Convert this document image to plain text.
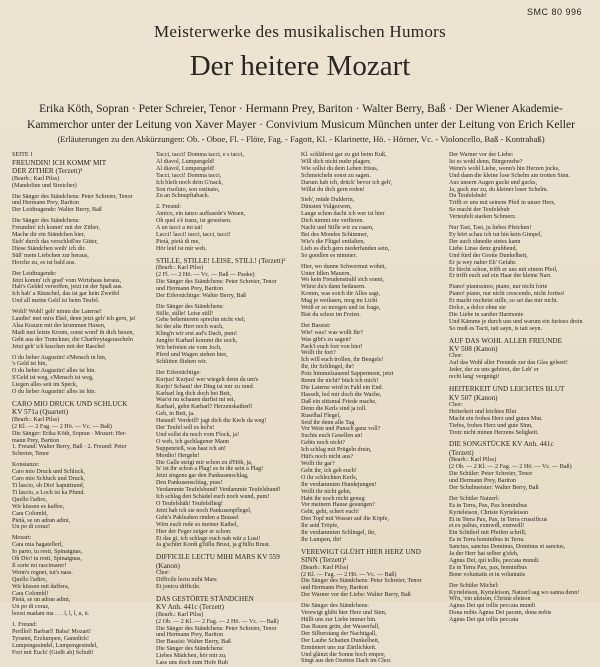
SMC 80 996
Meisterwerke des musikalischen Humors
Der heitere Mozart
Erika Köth, Sopran · Peter Schreier, Tenor · Hermann Prey, Bariton · Walter Berry, Baß · Der Wiener Akademie-
Kammerchor unter der Leitung von Xaver Mayer · Convivium Musicum München unter der Leitung von Erich Keller
(Erläuterungen zu den Abkürzungen: Ob. - Oboe, Fl. - Flöte, Fag. - Fagott, Kl. - Klarinette, Hö. - Hörner, Vc. - Violoncello, Baß - Kontrabaß)

SEITE 1

FREUNDIN! ICH KOMM' MIT

DER ZITHER (Terzett)²

(Bearb.: Karl Pilss)

(Mandoline und Streicher)

Die Sänger des Ständchens: Peter Schreier, Tenor

und Hermann Prey, Bariton

Der Leidtragende: Walter Berry, Baß

Die Sänger des Ständchens:

Freundin! ich komm' mit der Zither,

Mache dir ein Ständchen hier,

Sieh' durch das verschloß'ne Gitter,

Diese Ständchen weih' ich dir.

Süß' mein Liebchen zur heraus,

Horche zu, es ist bald aus.

Der Leidtragende:

Jetzt komm' ich grad' vom Wirtshaus heraus,

Hab's Geldel versoffen, jetzt ist der Spaß aus.

Ich hab' a Räuschel, das ist gar kein Zweifel

Und all meine Geld ist beim Teufel.

Wohl! Wohl! geh' nimm die Laterne!

Laudie! mei mirs Ekel, denn jetzt geh' ich gern, ja!

Alsa Krauzn mit der krummen Haxen,

Madi mei letzte Kronn, sonst word' ih dich baxen,

Geht aus der Trunckner, die Charfreytagsrascheln

Jetzt geh' ich kuschen mit der Raschel

O du lieber Augustin! s'Mensch in hin,

's Geld ist hin,

O du lieber Augustin! alles ist hin.

S'Geld ist weg, s'Mensch ist weg,

Liegen alles seit im Speck,

O du lieber Augustin! alles ist hin.

CARO MIO DRUCK UND SCHLUCK

KV 571a (Quartett)

(Bearb.: Karl Pilss)

(2 Kl. — 2 Fag. — 2 Hö. — Vc. — Baß)

Die Sänger: Erika Köth, Sopran · Mozart: Her-

mann Prey, Bariton

1. Freund: Walter Berry, Baß · 2. Freund: Peter

Schreier, Tenor

Konstanze:

Caro mio Druck und Schluck,

Caro mio Schluck und Druck,

Ti lascio, oh Dio! kaputtrund,

Ti lascio, a Loch ist ka Pfund.

Quello l'adiro,

Wir küssen es kaffee,

Cara Colombl,

Pietà, se un adran adini,

Un po di coraz!

Mozart:

Cara mia bagatellerl,

Io parto, tu resti, Spinatgnas,

Oh Dio! tu resti, Spinatgnas,

Il sorte mi rascimarer!

Wenn's regnet, tut's nass.

Quello l'adiro,

Wir küssen mit daffera,

Cara Colombl!

Pietà, se un adran adini,

Un po di coraz,

boost madam ma . . . l, l, l, u, ü.

1. Freund:

Perillol! Barbarl! Baba! Mozart!

Tyranni, Erzlumpen, Ganedick!

Lumpengesindel, Lumpengesindel,

Fort mit Euch! (Gießt ab) Schuft!

Tacci, tacci! Domma tacci, e s tacci,

Al diavol, Lumpengeld!

Al diavol, Lumpengeld!

Tacci, tacci! Domma tacci,

Ich bleib noch dein G'nack,

Son risoluto, son ostinato,

Zu an Schnupftaback.

2. Freund:

Amico, ein tanzo auffasede's Wesen,

Oh quel s'è tranz, ist geweisen.

A un tacci a mi tai!

Lacci! lacci! tacci, tacci, tacci!

Pietà, pietà di me,

Hör leid ist mir weh.

STILLE, STILLE! LEISE, STILL! (Terzett)²

(Bearb.: Karl Pilss)

(2 Fl. — 2 Hö. — Vc. — Baß — Pauke)

Die Sänger des Ständchens: Peter Schreier, Tenor

und Hermann Prey, Bariton

Der Eifersüchtige: Walter Berry, Baß

Die Sänger des Ständchens:

Stille, stille! Leise still!

Gehe behenterem sprechn nicht viel;

Ist der alte Herr noch wach,

Kling'n wir erst auf's Dach, pum!

Jungfer Karharl kommt die uoch,

Wir befreien sie vom Joch,

Pferd und Wagen stehen hier,

Schlitten fliehen wir.

Der Eifersüchtige:

Kurjus! Kurjus! wer wiegelt denn da um's

Kurjo! Schaut! der Ding ist mir zu rund.

Karharl leg dich doch bei Bett,

Was'st nu schauen darfist mi sei,

Karharl, gehn Karharl? Herzenskatherl!

Geh, in Bett, ja.

Hanauf! Verdeifl! jagt dich die Kerls da weg!

Der Teufel soll es hol'n!

Und sollst du noch vom Flock, ja!

O weh, ich gschlagener Mann

Suppenrieß, was hast ich an!

Mordio! Hergeln!

Die Galle steigt mir schon zu d'Höh, ja,

Is' ist ihr schon a Plag! es in die sein a Plag!

Jetzt singens gar den Pankusenschlag,

Den Pankusenschlag, puss!

Verdammte Teufelsbund! Verdammte Teufelsbund!

Ich schlag den Schädel euch noch wund, pum!

O Teufelshäh! Teufelsflieg!

Jetzt hab ich sie noch Pankusenpflegel,

Geht's Pakleahen rinden a Brassel

Wirn euch rede so meiner Kathel,

Hier der Feger zeiger er schon:

Ei das gi, ich schlage euch nah wär a Lust!

Ja g'schürt Kordi g'füllu Brust, ja g'füllu Brust.

DIFFICILE LECTU MIHI MARS KV 559

(Kanon)

Chor:

Difficile lectu mihi Mars

Et jonicu difficile.

DAS GESTÖRTE STÄNDCHEN

KV Anh. 441c (Terzett)

(Bearb.: Karl Pilss)

(2 Ob. — 2 Kl. — 2 Fag. — 2 Hö. — Vc. — Baß)

Die Sänger des Ständchens: Peter Schreier, Tenor

und Hermann Prey, Bariton

Der Bassist: Walter Berry, Baß

Die Sänger des Ständchens:

Liebes Mädchen, hör mir zu,

Lass uns doch zum Hofe Ruh

Kl. schläferst gar zu gut beim Kuß,

Will dich nicht mehr plagen;

Wie sollst du dein Leben frisus,

Schmeicheln sonst zu sagen.

Darum hab ich, drück' bevor ich geh',

Willst du dich gern reden!

Sieh', müde Dulderin,

Dünsten Vulgezwen,

Lange schon dacht ich wer ist hier

Dich nimmt nie verlieren.

Nacht und Stille wir zu rasen,

Bei des Mondes Schimmer,

Wie's die Flügel entfalten,

Lieb es dich gern niederfanden sein,

So gondlen es nimmer.

Hier, wo dunne Schwermut wohnt,

Unter Idlen Mauern,

Wo kein Freudenstrahl sich sonnt,

Würst du's dann bedauern.

Komm, was soich dir Alles sagt,

Mag je weilasen, mog im Licht

Weiß er so morgen und ist frage,

Bist du schon im Freien.

Der Bassist:

Wie! was? was wollt Ihr?

Was gibt's zu sagen?

Pack't euch fort von hier!

Wollt ihr fort?

Ich will euch trollen, ihr Bengels!

Ihr, ihr Schlingel, ihr!

Potz himmelzauend Sapperment, jetzt

Rennt ihr nicht? bück ich mich!

Die Laterne wird in Fahl ein End.

Hasselt, hol mir doch die Wache,

Daß ein sittsmal Friede mache,

Denn die Kerls sind ja toll.

Ruselhal Flegel,

Seid ihr denn alle Tag

Vor Wein und Punsch ganz voll?

Suchts euch Gesellen an!

Gehts noch nicht?

Ich schlag mit Prügeln drein,

Hüt's noch nicht aus?

Wollt ihr gar?

Geht ihr, ich geh euch!

O ihr schlechten Kerls,

Ihr verdammten Hundejungen!

Wollt ihr nicht gehn,

Habt ihr noch nicht genug

Vor meinem Hause gesungen?

Geht, geht, schert euch!

Den Topf mit Wasser auf die Köpfe,

Ihr seid Tröpfe,

Ihr verdammten Schlingel, ihr,

Ihr Lumpen, ihr!

VEREWIGT GLÜHT HIER HERZ UND

SINN (Terzett)²

(Bearb.: Karl Pilss)

(2 Kl. — Fag. — 2 Hö. — Vc. — Baß)

Die Sänger des Ständchens: Peter Schreier, Tenor

und Hermann Prey, Bariton

Der Warner vor der Liebe: Walter Berry, Baß

Die Sänger des Ständchens:

Verewigt glüht hier Herz und Sinn,

Hüllt uns zur Liebe immer hin.

Das Rauen grün, der Wasserfall,

Der Silberstang der Nachtigall,

Der Laube Schatten Dunkelheit,

Ermüntert uns zur Zärtlichkeit.

Und glänzt die Sonne hoch empor,

Singt aus den Ozetten Dach im Chor.

Der Warner vor der Liebe:

Ist es wohl denn, Bürgerzehe?

Wenn's wohl Liebe, wenn's hin Herzen jucks,

Und dann die kleine lose Schelm am trotten Sinn.

Aus unsern Augen guckt und gucks,

Ja, guck nur zu, du kleiner loser Schelm.

Du Teufelsbub!

Trifft er uns mit seinem Pfeil in unser Herz,

So macht der Teufelsbub

Verteufelt starken Schmerz.

Nur Tasi, Tasi, ju liebes Pfeichen!

Ey hört schau ich tut hin kein Gimpel,

Der auch ohnedie stetes kann

Liebe Linse denz grubbend,

Und fürd der Grotte Dunkelheit,

Er ja wey naher Eh' Gefahr.

Er fürcht schon, trifft er uns mit einem Pfeil,

Er trifft euch auf ein Haar der kleine Narr.

Piano! pianissimo, piano, nur nicht forte

Piano! piano, nur nicht crescendo, nicht fortiss!

Er macht oxcheist stille, so sei das mir nicht.

Dolce, a dolce ohne sie

Die Liebe in sanfter Harmonie

Und Kämme je durch uns und warum ein furioso drein

So muß es Tacti, tati sayn, is tati seyn.

AUF DAS WOHL ALLER FREUNDE

KV 508 (Kanon)

Chor:

Auf das Wohl aller Freunde zur das Glas gelsert!

Jeder, der zu uns gehöret, der Leb' er

recht lang' vergnügt!

HEITERKEIT UND LEICHTES BLUT

KV 507 (Kanon)

Chor:

Heiterkeit und leichtes Blut

Macht ein frohes Herz und guten Mut.

Tiefes, frohes Herz und gute Sinn,

Trotz nicht minen Herzens Seligkeit.

DIE SONGSTÜCKE KV Anh. 441c

(Terzett)

(Bearb.: Karl Pilss)

(2 Ob. — 2 Kl. — 2 Fag. — 2 Hö. — Vc. — Baß)

Die Schüler: Peter Schreier, Tenor

und Hermann Prey, Bariton

Der Schulmeister: Walter Berry, Baß

Der Schüler Natzerl:

Es in Terra, Pax, Pax hominibus

Kyrieleison, Christe Kyrieleison

Et in Terra Pax, Pax, in Terra crussificus

et ex palius, exmwdl, exmwdl!

Ein Schülerl mit Pfeifen schrill,

Es in Terra hominibus in Terra.

Sanctus, sanctus Dominus, Dominus et sanctus,

Ja der Herr hat selber g'sfeh,

Agnus Dei, qui tollis, peccata mundi.

Es in Terra Pax, pax, hominibus

Bone voluntatis et in voluntatis

Der Schüler Michel:

Kyrieleison, Kyrieleison, Natzerl sag wo sanna denn!

Wi'n, 'ein uleison, Christe eleison

Agnus Dei qui tollis peccata mundi

Dona nobis Agnus Dei pacem, dona nobis

Agnus Dei qui tollis peccata
